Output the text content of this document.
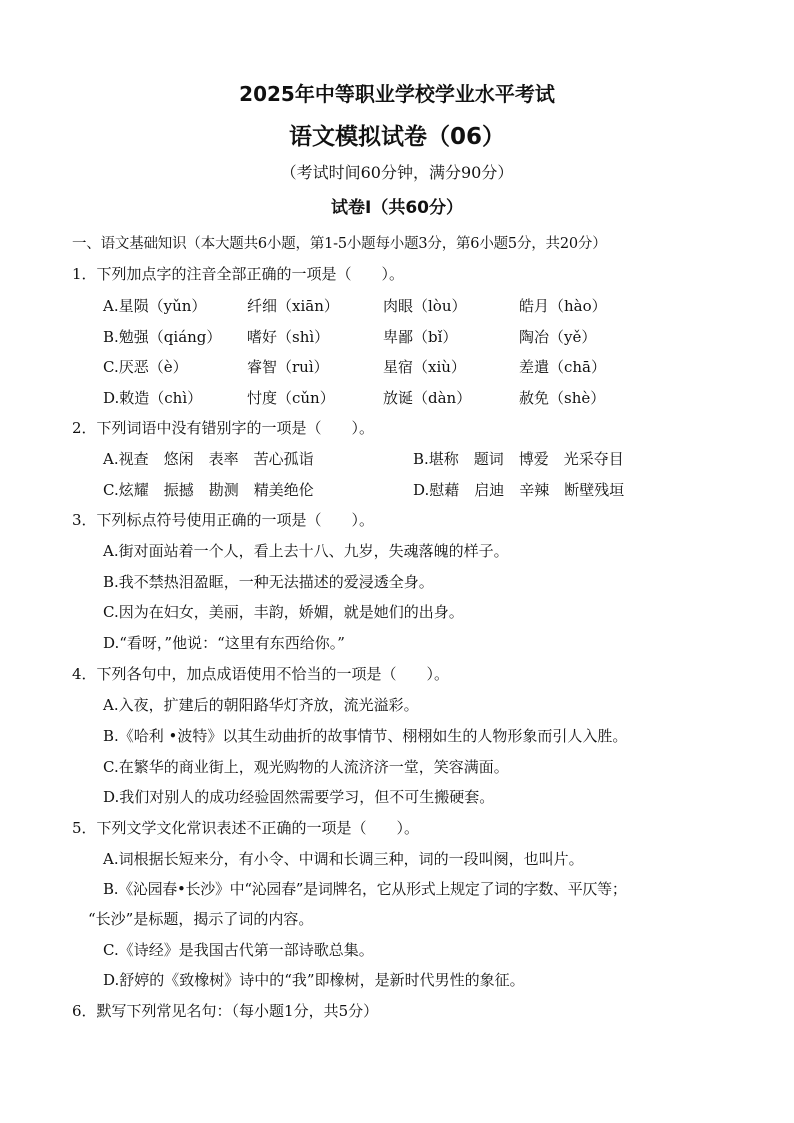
2025年中等职业学校学业水平考试
语文模拟试卷（06）
（考试时间60分钟，满分90分）
试卷Ⅰ（共60分）
一、语文基础知识（本大题共6小题，第1-5小题每小题3分，第6小题5分，共20分）
1．下列加点字的注音全部正确的一项是（　　）。
A.星陨（yǔn）	纤细（xiān）	肉眼（lòu）	皓月（hào）
B.勉强（qiáng） 嗜好（shì）	卑鄙（bǐ）	陶冶（yě）
C.厌恶（è）	睿智（ruì）	星宿（xiù）	差遣（chā）
D.敕造（chì）	忖度（cǔn）	放诞（dàn）	赦免（shè）
2．下列词语中没有错别字的一项是（　　）。
A.视查　悠闲　表率　苦心孤诣	B.堪称　题词　博爱　光采夺目
C.炫耀　振撼　勘测　精美绝伦	D.慰藉　启迪　辛辣　断壁残垣
3．下列标点符号使用正确的一项是（　　）。
A.街对面站着一个人，看上去十八、九岁，失魂落魄的样子。
B.我不禁热泪盈眶，一种无法描述的爱浸透全身。
C.因为在妇女，美丽，丰韵，娇媚，就是她们的出身。
D.“看呀，”他说：“这里有东西给你。”
4．下列各句中，加点成语使用不恰当的一项是（　　）。
A.入夜，扩建后的朝阳路华灯齐放，流光溢彩。
B.《哈利 •波特》以其生动曲折的故事情节、栩栩如生的人物形象而引人入胜。
C.在繁华的商业街上，观光购物的人流济济一堂，笑容满面。
D.我们对别人的成功经验固然需要学习，但不可生搬硬套。
5．下列文学文化常识表述不正确的一项是（　　）。
A.词根据长短来分，有小令、中调和长调三种，词的一段叫阕，也叫片。
B.《沁园春•长沙》中“沁园春”是词牌名，它从形式上规定了词的字数、平仄等；
“长沙”是标题，揭示了词的内容。
C.《诗经》是我国古代第一部诗歌总集。
D.舒婷的《致橡树》诗中的“我”即橡树，是新时代男性的象征。
6．默写下列常见名句：（每小题1分，共5分）
